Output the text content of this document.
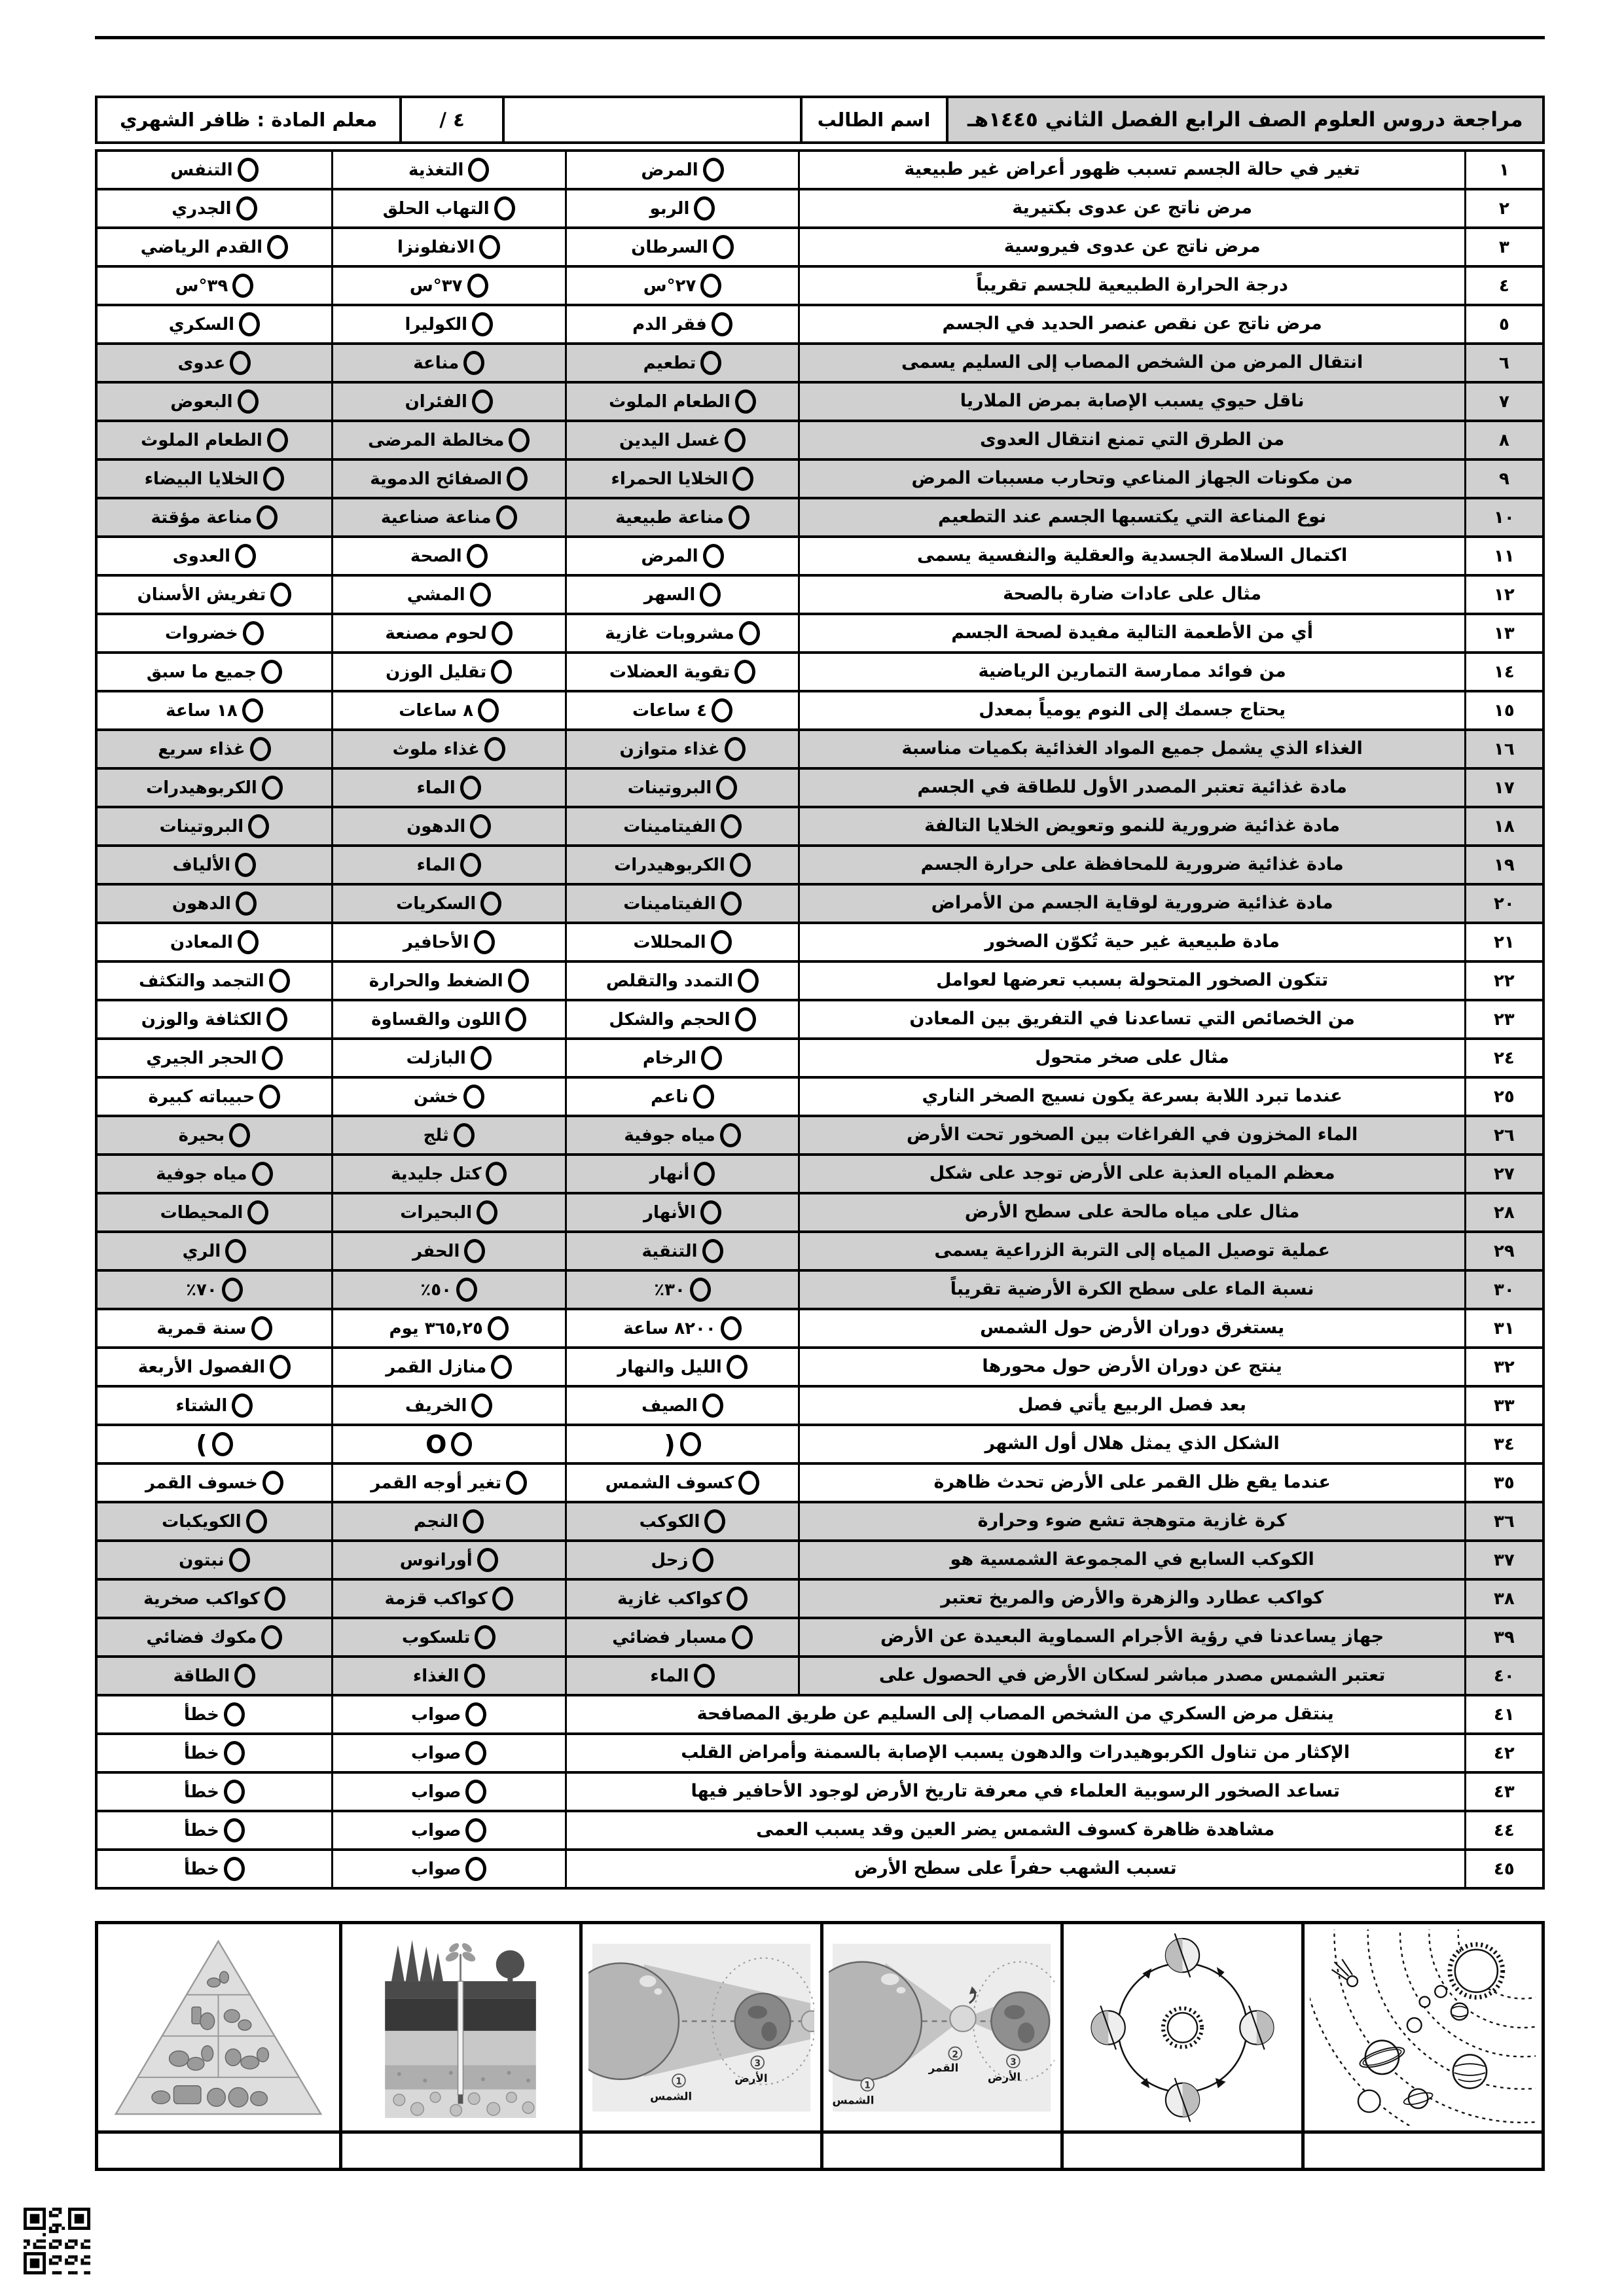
مراجعة دروس العلوم الصف الرابع الفصل الثاني ١٤٤٥هـ
اسم الطالب
٤ /
معلم المادة : ظافر الشهري
١
تغير في حالة الجسم تسبب ظهور أعراض غير طبيعية
المرض
التغذية
التنفس
٢
مرض ناتج عن عدوى بكتيرية
الربو
التهاب الحلق
الجدري
٣
مرض ناتج عن عدوى فيروسية
السرطان
الانفلونزا
القدم الرياضي
٤
درجة الحرارة الطبيعية للجسم تقريباً
٢٧°س
٣٧°س
٣٩°س
٥
مرض ناتج عن نقص عنصر الحديد في الجسم
فقر الدم
الكوليرا
السكري
٦
انتقال المرض من الشخص المصاب إلى السليم يسمى
تطعيم
مناعة
عدوى
٧
ناقل حيوي يسبب الإصابة بمرض الملاريا
الطعام الملوث
الفئران
البعوض
٨
من الطرق التي تمنع انتقال العدوى
غسل اليدين
مخالطة المرضى
الطعام الملوث
٩
من مكونات الجهاز المناعي وتحارب مسببات المرض
الخلايا الحمراء
الصفائح الدموية
الخلايا البيضاء
١٠
نوع المناعة التي يكتسبها الجسم عند التطعيم
مناعة طبيعية
مناعة صناعية
مناعة مؤقتة
١١
اكتمال السلامة الجسدية والعقلية والنفسية يسمى
المرض
الصحة
العدوى
١٢
مثال على عادات ضارة بالصحة
السهر
المشي
تفريش الأسنان
١٣
أي من الأطعمة التالية مفيدة لصحة الجسم
مشروبات غازية
لحوم مصنعة
خضروات
١٤
من فوائد ممارسة التمارين الرياضية
تقوية العضلات
تقليل الوزن
جميع ما سبق
١٥
يحتاج جسمك إلى النوم يومياً بمعدل
٤ ساعات
٨ ساعات
١٨ ساعة
١٦
الغذاء الذي يشمل جميع المواد الغذائية بكميات مناسبة
غذاء متوازن
غذاء ملوث
غذاء سريع
١٧
مادة غذائية تعتبر المصدر الأول للطاقة في الجسم
البروتينات
الماء
الكربوهيدرات
١٨
مادة غذائية ضرورية للنمو وتعويض الخلايا التالفة
الفيتامينات
الدهون
البروتينات
١٩
مادة غذائية ضرورية للمحافظة على حرارة الجسم
الكربوهيدرات
الماء
الألياف
٢٠
مادة غذائية ضرورية لوقاية الجسم من الأمراض
الفيتامينات
السكريات
الدهون
٢١
مادة طبيعية غير حية تُكوّن الصخور
المحللات
الأحافير
المعادن
٢٢
تتكون الصخور المتحولة بسبب تعرضها لعوامل
التمدد والتقلص
الضغط والحرارة
التجمد والتكثف
٢٣
من الخصائص التي تساعدنا في التفريق بين المعادن
الحجم والشكل
اللون والقساوة
الكثافة والوزن
٢٤
مثال على صخر متحول
الرخام
البازلت
الحجر الجيري
٢٥
عندما تبرد اللابة بسرعة يكون نسيج الصخر الناري
ناعم
خشن
حبيباته كبيرة
٢٦
الماء المخزون في الفراغات بين الصخور تحت الأرض
مياه جوفية
ثلج
بحيرة
٢٧
معظم المياه العذبة على الأرض توجد على شكل
أنهار
كتل جليدية
مياه جوفية
٢٨
مثال على مياه مالحة على سطح الأرض
الأنهار
البحيرات
المحيطات
٢٩
عملية توصيل المياه إلى التربة الزراعية يسمى
التنقية
الحفر
الري
٣٠
نسبة الماء على سطح الكرة الأرضية تقريباً
٣٠٪
٥٠٪
٧٠٪
٣١
يستغرق دوران الأرض حول الشمس
٨٢٠٠ ساعة
٣٦٥,٢٥ يوم
سنة قمرية
٣٢
ينتج عن دوران الأرض حول محورها
الليل والنهار
منازل القمر
الفصول الأربعة
٣٣
بعد فصل الربيع يأتي فصل
الصيف
الخريف
الشتاء
٣٤
الشكل الذي يمثل هلال أول الشهر
(
O
)
٣٥
عندما يقع ظل القمر على الأرض تحدث ظاهرة
كسوف الشمس
تغير أوجه القمر
خسوف القمر
٣٦
كرة غازية متوهجة تشع ضوء وحرارة
الكوكب
النجم
الكويكبات
٣٧
الكوكب السابع في المجموعة الشمسية هو
زحل
أورانوس
نبتون
٣٨
كواكب عطارد والزهرة والأرض والمريخ تعتبر
كواكب غازية
كواكب قزمة
كواكب صخرية
٣٩
جهاز يساعدنا في رؤية الأجرام السماوية البعيدة عن الأرض
مسبار فضائي
تلسكوب
مكوك فضائي
٤٠
تعتبر الشمس مصدر مباشر لسكان الأرض في الحصول على
الماء
الغذاء
الطاقة
٤١
ينتقل مرض السكري من الشخص المصاب إلى السليم عن طريق المصافحة
صواب
خطأ
٤٢
الإكثار من تناول الكربوهيدرات والدهون يسبب الإصابة بالسمنة وأمراض القلب
صواب
خطأ
٤٣
تساعد الصخور الرسوبية العلماء في معرفة تاريخ الأرض لوجود الأحافير فيها
صواب
خطأ
٤٤
مشاهدة ظاهرة كسوف الشمس يضر العين وقد يسبب العمى
صواب
خطأ
٤٥
تسبب الشهب حفراً على سطح الأرض
صواب
خطأ
1
2
3
الشمس
القمر
الأرض
1
3
الشمس
الأرض
